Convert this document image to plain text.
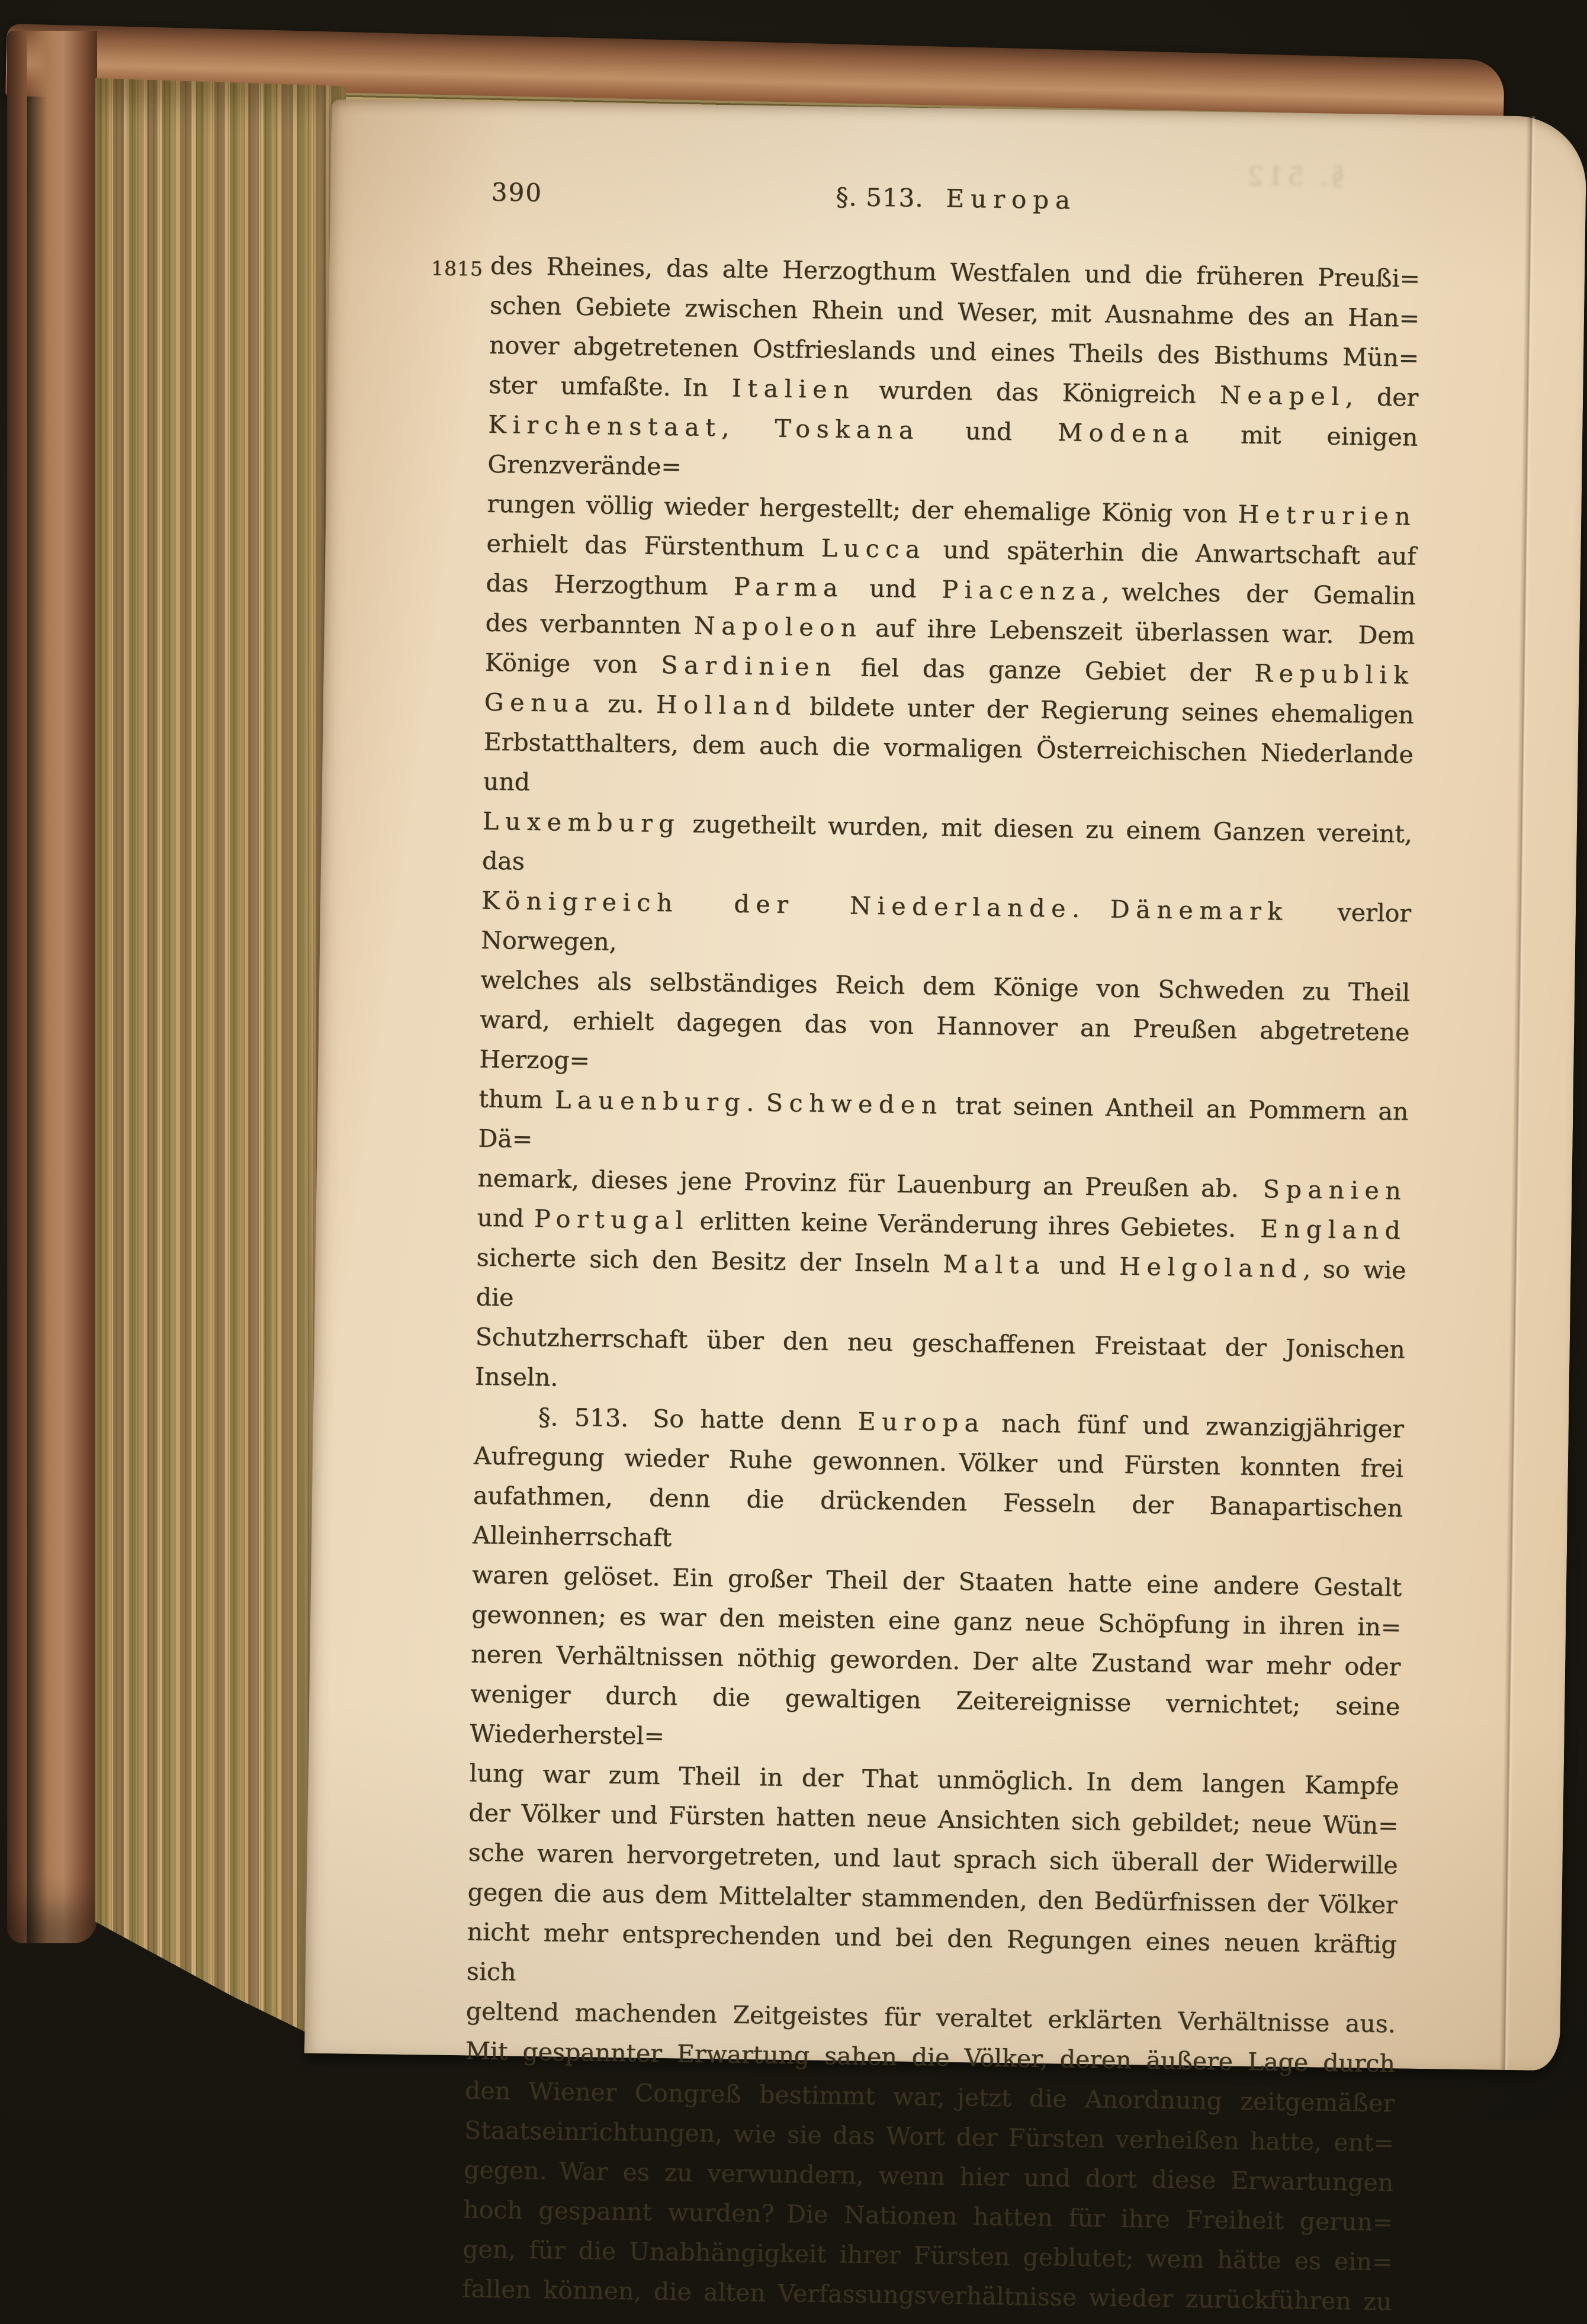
§. 512
390	§. 513. Europa
des Rheines, das alte Herzogthum Westfalen und die früheren Preußi=
1815
schen Gebiete zwischen Rhein und Weser, mit Ausnahme des an Han=
nover abgetretenen Ostfrieslands und eines Theils des Bisthums Mün=
ster umfaßte. In Italien wurden das Königreich Neapel, der
Kirchenstaat, Toskana und Modena mit einigen Grenzverände=
rungen völlig wieder hergestellt; der ehemalige König von Hetrurien
erhielt das Fürstenthum Lucca und späterhin die Anwartschaft auf
das Herzogthum Parma und Piacenza, welches der Gemalin
des verbannten Napoleon auf ihre Lebenszeit überlassen war. Dem
Könige von Sardinien fiel das ganze Gebiet der Republik
Genua zu. Holland bildete unter der Regierung seines ehemaligen
Erbstatthalters, dem auch die vormaligen Österreichischen Niederlande und
Luxemburg zugetheilt wurden, mit diesen zu einem Ganzen vereint, das
Königreich der Niederlande.  Dänemark verlor Norwegen,
welches als selbständiges Reich dem Könige von Schweden zu Theil
ward, erhielt dagegen das von Hannover an Preußen abgetretene Herzog=
thum Lauenburg. Schweden trat seinen Antheil an Pommern an Dä=
nemark, dieses jene Provinz für Lauenburg an Preußen ab. Spanien
und Portugal erlitten keine Veränderung ihres Gebietes. England
sicherte sich den Besitz der Inseln Malta und Helgoland, so wie die
Schutzherrschaft über den neu geschaffenen Freistaat der Jonischen Inseln.
§. 513. So hatte denn Europa nach fünf und zwanzigjähriger
Aufregung wieder Ruhe gewonnen. Völker und Fürsten konnten frei
aufathmen, denn die drückenden Fesseln der Banapartischen Alleinherrschaft
waren gelöset. Ein großer Theil der Staaten hatte eine andere Gestalt
gewonnen; es war den meisten eine ganz neue Schöpfung in ihren in=
neren Verhältnissen nöthig geworden. Der alte Zustand war mehr oder
weniger durch die gewaltigen Zeitereignisse vernichtet; seine Wiederherstel=
lung war zum Theil in der That unmöglich. In dem langen Kampfe
der Völker und Fürsten hatten neue Ansichten sich gebildet; neue Wün=
sche waren hervorgetreten, und laut sprach sich überall der Widerwille
gegen die aus dem Mittelalter stammenden, den Bedürfnissen der Völker
nicht mehr entsprechenden und bei den Regungen eines neuen kräftig sich
geltend machenden Zeitgeistes für veraltet erklärten Verhältnisse aus.
Mit gespannter Erwartung sahen die Völker, deren äußere Lage durch
den Wiener Congreß bestimmt war, jetzt die Anordnung zeitgemäßer
Staatseinrichtungen, wie sie das Wort der Fürsten verheißen hatte, ent=
gegen. War es zu verwundern, wenn hier und dort diese Erwartungen
hoch gespannt wurden? Die Nationen hatten für ihre Freiheit gerun=
gen, für die Unabhängigkeit ihrer Fürsten geblutet; wem hätte es ein=
fallen können, die alten Verfassungsverhältnisse wieder zurückführen zu
